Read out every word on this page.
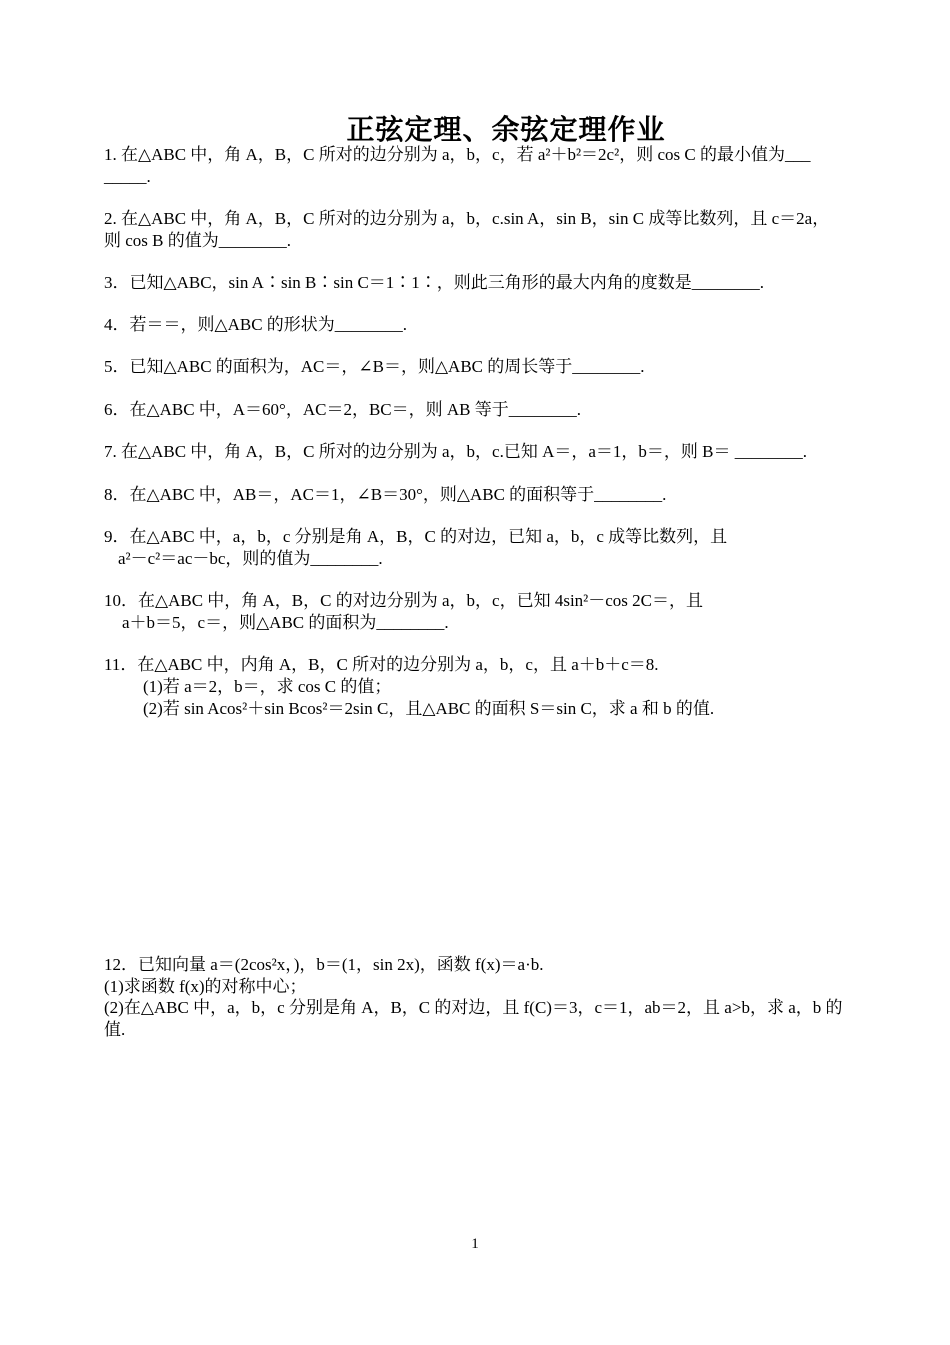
正弦定理、余弦定理作业
1. 在△ABC 中，角 A，B，C 所对的边分别为 a，b，c，若 a²＋b²＝2c²，则 cos C 的最小值为___
_____.
2. 在△ABC 中，角 A，B，C 所对的边分别为 a，b，c.sin A，sin B，sin C 成等比数列，且 c＝2a，
则 cos B 的值为________.
3．已知△ABC，sin A∶sin B∶sin C＝1∶1∶，则此三角形的最大内角的度数是________.
4．若＝＝，则△ABC 的形状为________.
5．已知△ABC 的面积为，AC＝，∠B＝，则△ABC 的周长等于________.
6．在△ABC 中，A＝60°，AC＝2，BC＝，则 AB 等于________.
7. 在△ABC 中，角 A，B，C 所对的边分别为 a，b，c.已知 A＝，a＝1，b＝，则 B＝ ________.
8．在△ABC 中，AB＝，AC＝1，∠B＝30°，则△ABC 的面积等于________.
9．在△ABC 中，a，b，c 分别是角 A，B，C 的对边，已知 a，b，c 成等比数列，且
a²－c²＝ac－bc，则的值为________.
10．在△ABC 中，角 A，B，C 的对边分别为 a，b，c，已知 4sin²－cos 2C＝，且
a＋b＝5，c＝，则△ABC 的面积为________.
11．在△ABC 中，内角 A，B，C 所对的边分别为 a，b，c，且 a＋b＋c＝8.
(1)若 a＝2，b＝，求 cos C 的值；
(2)若 sin Acos²＋sin Bcos²＝2sin C，且△ABC 的面积 S＝sin C，求 a 和 b 的值.
12．已知向量 a＝(2cos²x，)，b＝(1，sin 2x)，函数 f(x)＝a·b.
(1)求函数 f(x)的对称中心；
(2)在△ABC 中，a，b，c 分别是角 A，B，C 的对边，且 f(C)＝3，c＝1，ab＝2，且 a>b，求 a，b 的
值.
1
